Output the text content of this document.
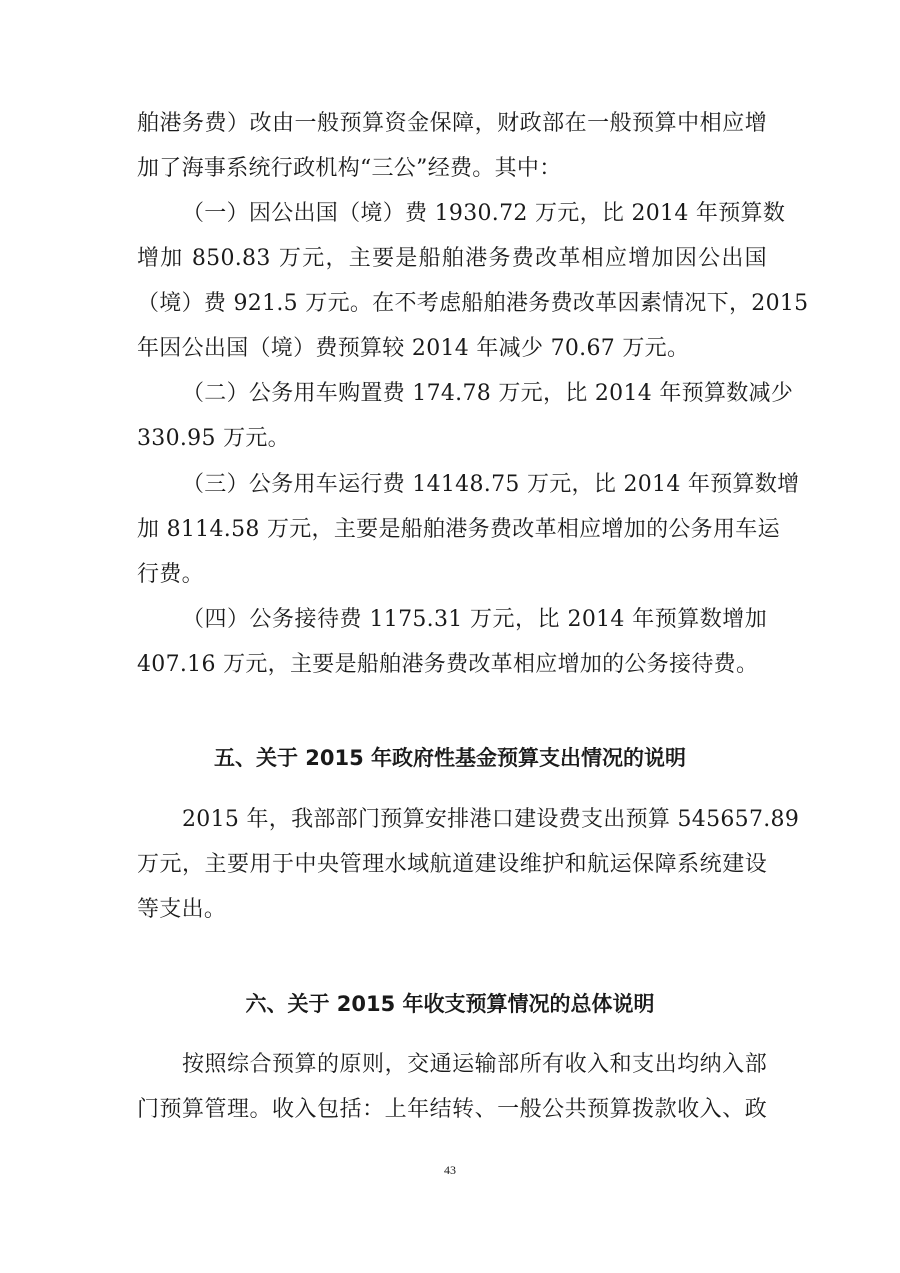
舶港务费）改由一般预算资金保障，财政部在一般预算中相应增
加了海事系统行政机构“三公”经费。其中：
（一）因公出国（境）费 1930.72 万元，比 2014 年预算数
增加 850.83 万元，主要是船舶港务费改革相应增加因公出国
（境）费 921.5 万元。在不考虑船舶港务费改革因素情况下，2015
年因公出国（境）费预算较 2014 年减少 70.67 万元。
（二）公务用车购置费 174.78 万元，比 2014 年预算数减少
330.95 万元。
（三）公务用车运行费 14148.75 万元，比 2014 年预算数增
加 8114.58 万元，主要是船舶港务费改革相应增加的公务用车运
行费。
（四）公务接待费 1175.31 万元，比 2014 年预算数增加
407.16 万元，主要是船舶港务费改革相应增加的公务接待费。
五、关于 2015 年政府性基金预算支出情况的说明
2015 年，我部部门预算安排港口建设费支出预算 545657.89
万元，主要用于中央管理水域航道建设维护和航运保障系统建设
等支出。
六、关于 2015 年收支预算情况的总体说明
按照综合预算的原则，交通运输部所有收入和支出均纳入部
门预算管理。收入包括：上年结转、一般公共预算拨款收入、政
43
